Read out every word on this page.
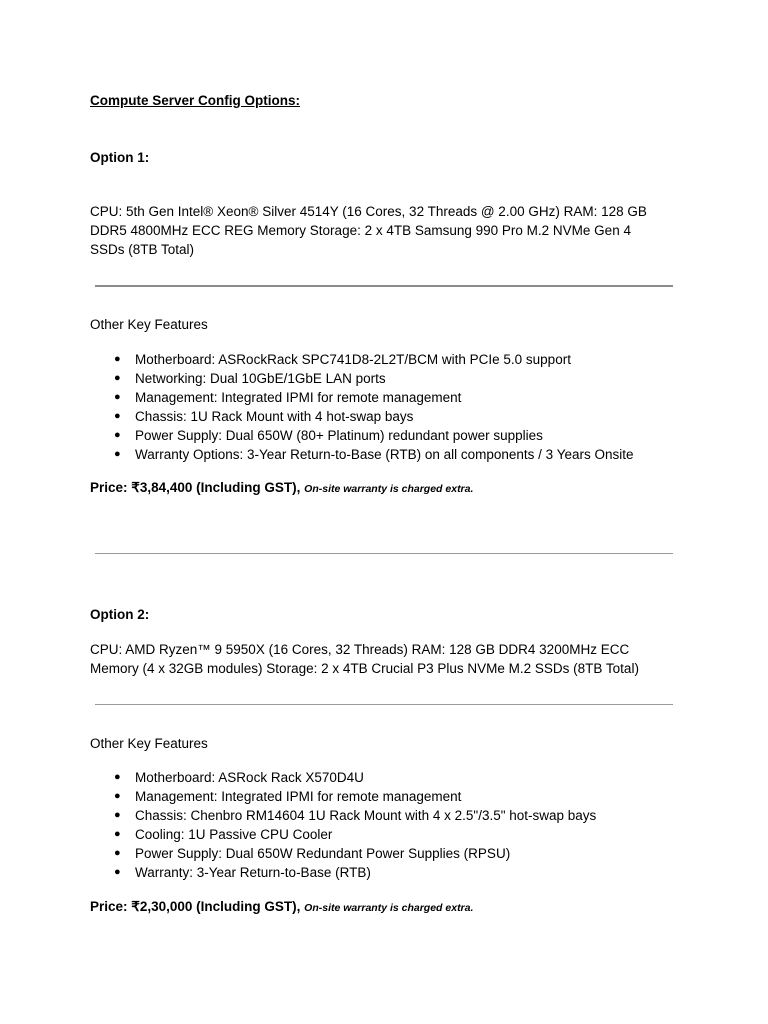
Compute Server Config Options:
Option 1:
CPU: 5th Gen Intel® Xeon® Silver 4514Y (16 Cores, 32 Threads @ 2.00 GHz) RAM: 128 GB
DDR5 4800MHz ECC REG Memory Storage: 2 x 4TB Samsung 990 Pro M.2 NVMe Gen 4
SSDs (8TB Total)
Other Key Features
● Motherboard: ASRockRack SPC741D8-2L2T/BCM with PCIe 5.0 support
● Networking: Dual 10GbE/1GbE LAN ports
● Management: Integrated IPMI for remote management
● Chassis: 1U Rack Mount with 4 hot-swap bays
● Power Supply: Dual 650W (80+ Platinum) redundant power supplies
● Warranty Options: 3-Year Return-to-Base (RTB) on all components / 3 Years Onsite
Price: ₹3,84,400 (Including GST), On-site warranty is charged extra.
Option 2:
CPU: AMD Ryzen™ 9 5950X (16 Cores, 32 Threads) RAM: 128 GB DDR4 3200MHz ECC
Memory (4 x 32GB modules) Storage: 2 x 4TB Crucial P3 Plus NVMe M.2 SSDs (8TB Total)
Other Key Features
● Motherboard: ASRock Rack X570D4U
● Management: Integrated IPMI for remote management
● Chassis: Chenbro RM14604 1U Rack Mount with 4 x 2.5"/3.5" hot-swap bays
● Cooling: 1U Passive CPU Cooler
● Power Supply: Dual 650W Redundant Power Supplies (RPSU)
● Warranty: 3-Year Return-to-Base (RTB)
Price: ₹2,30,000 (Including GST), On-site warranty is charged extra.
